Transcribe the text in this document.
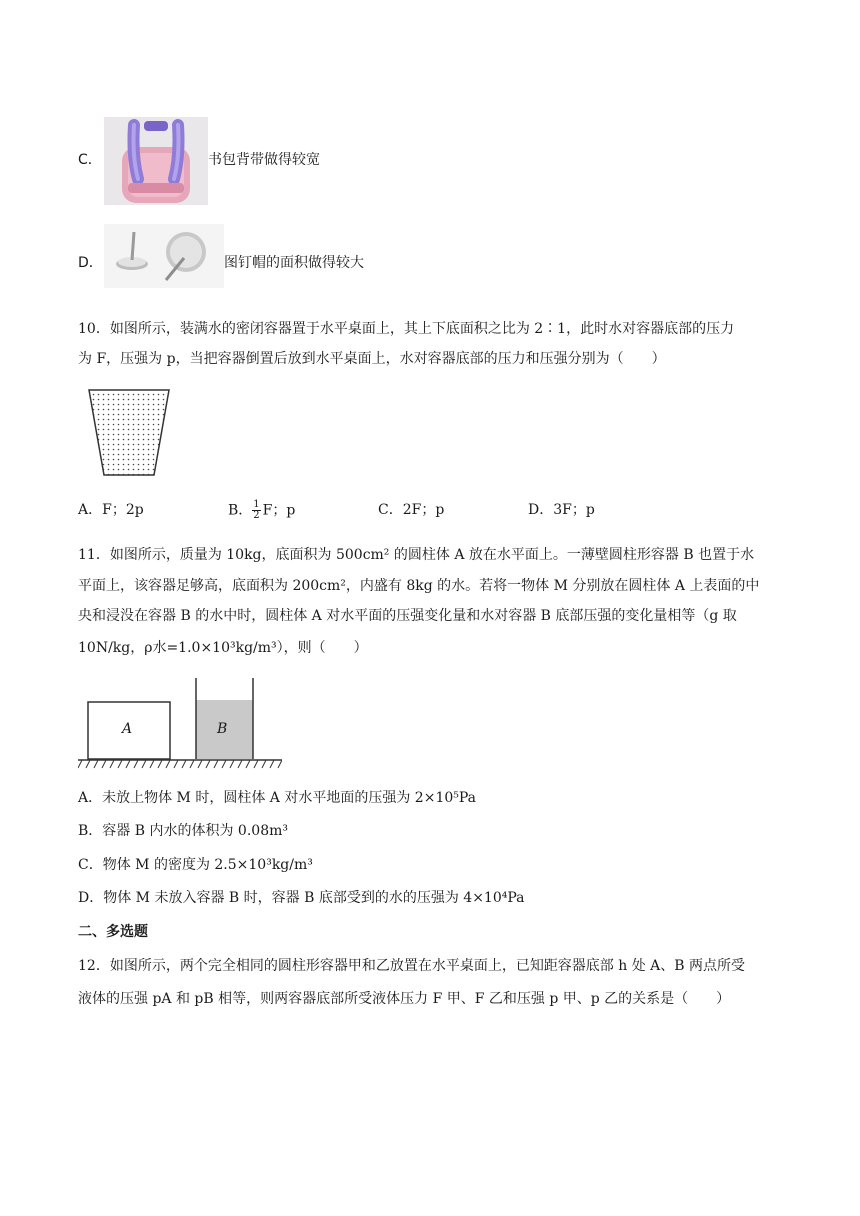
C．	书包背带做得较宽
D．	图钉帽的面积做得较大
10．如图所示，装满水的密闭容器置于水平桌面上，其上下底面积之比为 2∶1，此时水对容器底部的压力
为 F，压强为 p，当把容器倒置后放到水平桌面上，水对容器底部的压力和压强分别为（　　）
A．F；2p	B． $\frac{1}{2}$ F；p	C．2F；p	D．3F；p
11．如图所示，质量为 10kg，底面积为 500cm² 的圆柱体 A 放在水平面上。一薄壁圆柱形容器 B 也置于水
平面上，该容器足够高，底面积为 200cm²，内盛有 8kg 的水。若将一物体 M 分别放在圆柱体 A 上表面的中
央和浸没在容器 B 的水中时，圆柱体 A 对水平面的压强变化量和水对容器 B 底部压强的变化量相等（g 取
10N/kg，ρ水=1.0×10³kg/m³），则（　　）
A	B
A．未放上物体 M 时，圆柱体 A 对水平地面的压强为 2×10⁵Pa
B．容器 B 内水的体积为 0.08m³
C．物体 M 的密度为 2.5×10³kg/m³
D．物体 M 未放入容器 B 时，容器 B 底部受到的水的压强为 4×10⁴Pa
二、多选题
12．如图所示，两个完全相同的圆柱形容器甲和乙放置在水平桌面上，已知距容器底部 h 处 A、B 两点所受
液体的压强 pA 和 pB 相等，则两容器底部所受液体压力 F 甲、F 乙和压强 p 甲、p 乙的关系是（　　）
